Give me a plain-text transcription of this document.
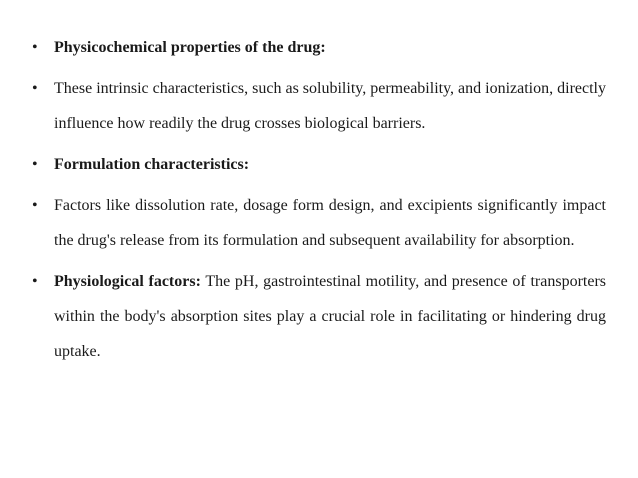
•	Physicochemical properties of the drug:
•	These intrinsic characteristics, such as solubility, permeability, and ionization, directly influence how readily the drug crosses biological barriers.
•	Formulation characteristics:
•	Factors like dissolution rate, dosage form design, and excipients significantly impact the drug's release from its formulation and subsequent availability for absorption.
•	Physiological factors: The pH, gastrointestinal motility, and presence of transporters within the body's absorption sites play a crucial role in facilitating or hindering drug uptake.
